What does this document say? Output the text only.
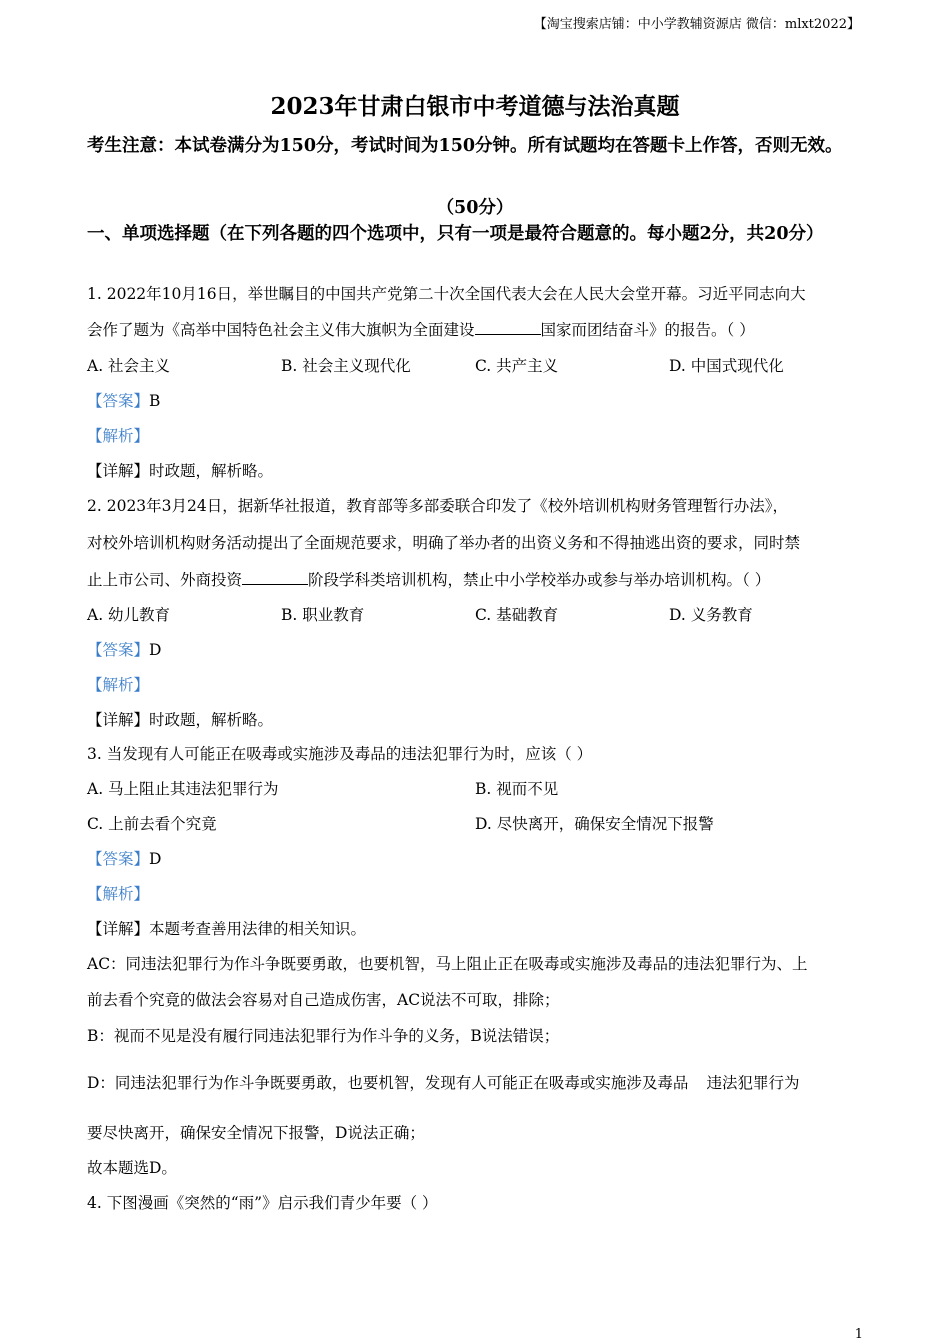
【淘宝搜索店铺：中小学教辅资源店 微信：mlxt2022】
2023年甘肃白银市中考道德与法治真题
考生注意：本试卷满分为150分，考试时间为150分钟。所有试题均在答题卡上作答，否则无效。
（50分）
一、单项选择题（在下列各题的四个选项中，只有一项是最符合题意的。每小题2分，共20分）
1. 2022年10月16日，举世瞩目的中国共产党第二十次全国代表大会在人民大会堂开幕。习近平同志向大
会作了题为《高举中国特色社会主义伟大旗帜为全面建设	国家而团结奋斗》的报告。（ ）
A. 社会主义	B. 社会主义现代化	C. 共产主义	D. 中国式现代化
【答案】B
【解析】
【详解】时政题，解析略。
2. 2023年3月24日，据新华社报道，教育部等多部委联合印发了《校外培训机构财务管理暂行办法》，
对校外培训机构财务活动提出了全面规范要求，明确了举办者的出资义务和不得抽逃出资的要求，同时禁
止上市公司、外商投资	阶段学科类培训机构，禁止中小学校举办或参与举办培训机构。（ ）
A. 幼儿教育	B. 职业教育	C. 基础教育	D. 义务教育
【答案】D
【解析】
【详解】时政题，解析略。
3. 当发现有人可能正在吸毒或实施涉及毒品的违法犯罪行为时，应该（ ）
A. 马上阻止其违法犯罪行为	B. 视而不见
C. 上前去看个究竟	D. 尽快离开，确保安全情况下报警
【答案】D
【解析】
【详解】本题考查善用法律的相关知识。
AC：同违法犯罪行为作斗争既要勇敢，也要机智，马上阻止正在吸毒或实施涉及毒品的违法犯罪行为、上
前去看个究竟的做法会容易对自己造成伤害，AC说法不可取，排除；
B：视而不见是没有履行同违法犯罪行为作斗争的义务，B说法错误；
D：同违法犯罪行为作斗争既要勇敢，也要机智，发现有人可能正在吸毒或实施涉及毒品 违法犯罪行为
要尽快离开，确保安全情况下报警，D说法正确；
故本题选D。
4. 下图漫画《突然的“雨”》启示我们青少年要（ ）
1
